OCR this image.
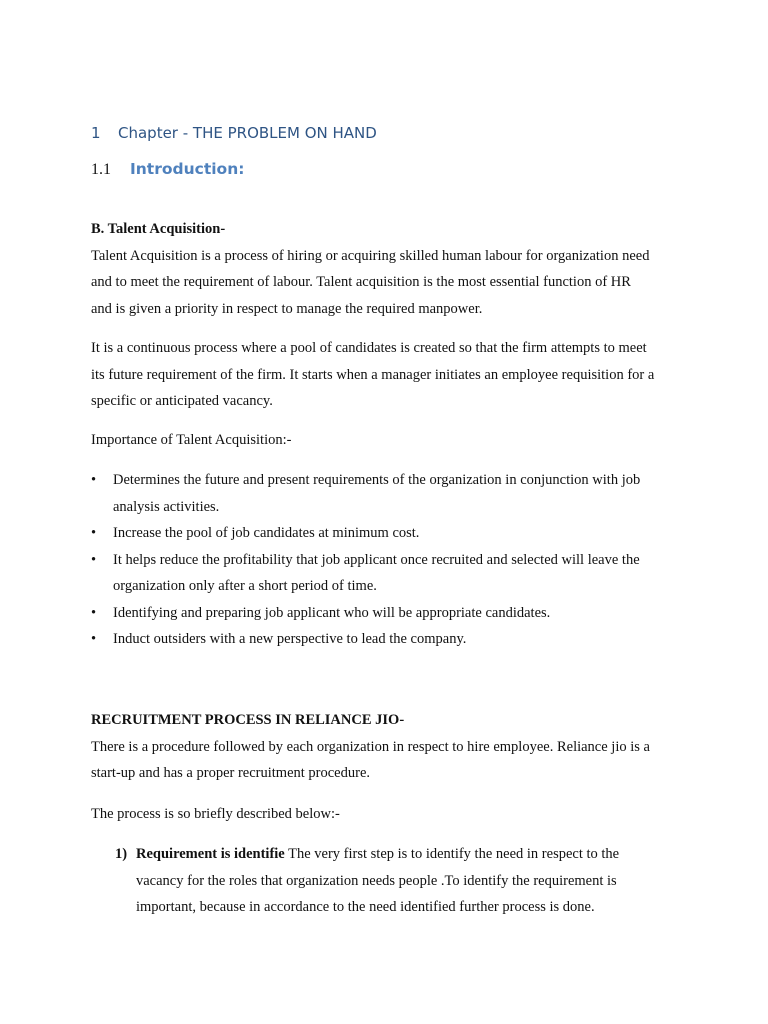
1 Chapter - THE PROBLEM ON HAND
1.1 Introduction:
B. Talent Acquisition-
Talent Acquisition is a process of hiring or acquiring skilled human labour for organization need
and to meet the requirement of labour. Talent acquisition is the most essential function of HR
and is given a priority in respect to manage the required manpower.
It is a continuous process where a pool of candidates is created so that the firm attempts to meet
its future requirement of the firm. It starts when a manager initiates an employee requisition for a
specific or anticipated vacancy.
Importance of Talent Acquisition:-
• Determines the future and present requirements of the organization in conjunction with job
analysis activities.
• Increase the pool of job candidates at minimum cost.
• It helps reduce the profitability that job applicant once recruited and selected will leave the
organization only after a short period of time.
• Identifying and preparing job applicant who will be appropriate candidates.
• Induct outsiders with a new perspective to lead the company.
RECRUITMENT PROCESS IN RELIANCE JIO-
There is a procedure followed by each organization in respect to hire employee. Reliance jio is a
start-up and has a proper recruitment procedure.
The process is so briefly described below:-
1) Requirement is identifie The very first step is to identify the need in respect to the
vacancy for the roles that organization needs people .To identify the requirement is
important, because in accordance to the need identified further process is done.
